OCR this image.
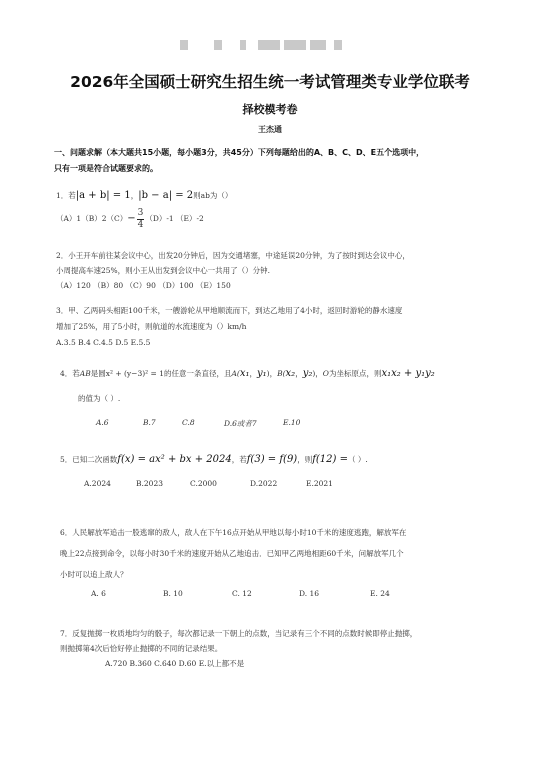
2026年全国硕士研究生招生统一考试管理类专业学位联考
择校模考卷
王杰通
一、问题求解（本大题共15小题，每小题3分，共45分）下列每题给出的A、B、C、D、E五个选项中，
只有一项是符合试题要求的。
1．若|a + b| = 1，|b − a| = 2则ab为（）
$(A)1(B)2(C)- \frac{3}{4} (D)-1$ （E）-2
2．小王开车前往某会议中心，出发20分钟后，因为交通堵塞，中途延误20分钟，为了按时到达会议中心，
小周提高车速25%，则小王从出发到会议中心一共用了（）分钟.
（A）120 （B）80 （C）90 （D）100 （E）150
3．甲、乙两码头相距100千米，一艘游轮从甲地顺流而下，到达乙地用了4小时，返回时游轮的静水速度
增加了25%，用了5小时，则航道的水流速度为（）km/h
A.3.5 B.4 C.4.5 D.5 E.5.5
4．若AB是圆x² + (y−3)² = 1的任意一条直径，且A(x₁，y₁)，B(x₂，y₂)，O为坐标原点，则x₁x₂ + y₁y₂
的值为（ ）.
A.6	B.7	C.8	D.6或者7	E.10
5．已知二次函数f(x) = ax² + bx + 2024，若f(3) = f(9)，则f(12) =（ ）.
A.2024	B.2023	C.2000	D.2022	E.2021
6．人民解放军追击一股逃窜的敌人，敌人在下午16点开始从甲地以每小时10千米的速度逃跑，解放军在
晚上22点接到命令，以每小时30千米的速度开始从乙地追击．已知甲乙两地相距60千米，问解放军几个
小时可以追上敌人？
A. 6	B. 10	C. 12	D. 16	E. 24
7．反复抛掷一枚质地均匀的骰子，每次都记录一下朝上的点数，当记录有三个不同的点数时候即停止抛掷，
则抛掷第4次后恰好停止抛掷的不同的记录结果。
A.720 B.360 C.640 D.60 E.以上都不是
